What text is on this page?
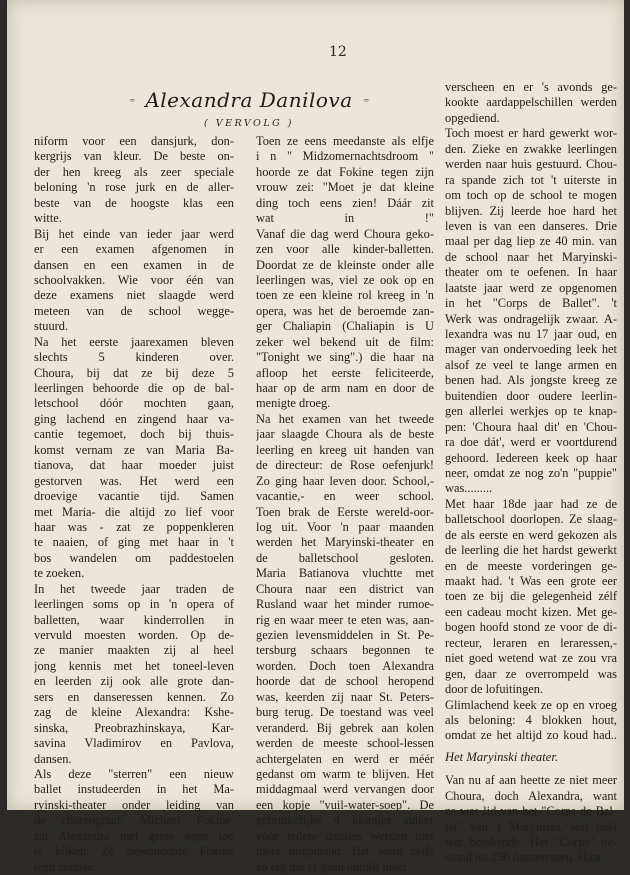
12
Alexandra Danilova
( VERVOLG )
niform voor een dansjurk, don-
kergrijs van kleur. De beste on-
der hen kreeg als zeer speciale
beloning 'n rose jurk en de aller-
beste van de hoogste klas een
witte.
Bij het einde van ieder jaar werd
er een examen afgenomen in
dansen en een examen in de
schoolvakken. Wie voor één van
deze examens niet slaagde werd
meteen van de school wegge-
stuurd.
Na het eerste jaarexamen bleven
slechts 5 kinderen over.
Choura, bij dat ze bij deze 5
leerlingen behoorde die op de bal-
letschool dóór mochten gaan,
ging lachend en zingend haar va-
cantie tegemoet, doch bij thuis-
komst vernam ze van Maria Ba-
tianova, dat haar moeder juist
gestorven was. Het werd een
droevige vacantie tijd. Samen
met Maria- die altijd zo lief voor
haar was - zat ze poppenkleren
te naaien, of ging met haar in 't
bos wandelen om paddestoelen
te zoeken.
In het tweede jaar traden de
leerlingen soms op in 'n opera of
balletten, waar kinderrollen in
vervuld moesten worden. Op de-
ze manier maakten zij al heel
jong kennis met het toneel-leven
en leerden zij ook alle grote dan-
sers en danseressen kennen. Zo
zag de kleine Alexandra: Kshe-
sinska, Preobrazhinskaya, Kar-
savina Vladimirov en Pavlova,
dansen.
Als deze "sterren" een nieuw
ballet instudeerden in het Ma-
ryinski-theater onder leiding van
de choreograaf: Michael Fokine,
zat Alexandra met grote ogen toe
te kijken. Ze bewonderde Fokine
tegn zeerste.
Toen ze eens meedanste als elfje
i n " Midzomernachtsdroom "
hoorde ze dat Fokine tegen zijn
vrouw zei: "Moet je dat kleine
ding toch eens zien! Dáár zit
wat in !"
Vanaf die dag werd Choura geko-
zen voor alle kinder-balletten.
Doordat ze de kleinste onder alle
leerlingen was, viel ze ook op en
toen ze een kleine rol kreeg in 'n
opera, was het de beroemde zan-
ger Chaliapin (Chaliapin is U
zeker wel bekend uit de film:
"Tonight we sing".) die haar na
afloop het eerste feliciteerde,
haar op de arm nam en door de
menigte droeg.
Na het examen van het tweede
jaar slaagde Choura als de beste
leerling en kreeg uit handen van
de directeur: de Rose oefenjurk!
Zo ging haar leven door. School,-
vacantie,- en weer school.
Toen brak de Eerste wereld-oor-
log uit. Voor 'n paar maanden
werden het Maryinski-theater en
de balletschool gesloten.
Maria Batianova vluchtte met
Choura naar een district van
Rusland waar het minder rumoe-
rig en waar meer te eten was, aan-
gezien levensmiddelen in St. Pe-
tersburg schaars begonnen te
worden. Doch toen Alexandra
hoorde dat de school heropend
was, keerden zij naar St. Peters-
burg terug. De toestand was veel
veranderd. Bij gebrek aan kolen
werden de meeste school-lessen
achtergelaten en werd er méér
gedanst om warm te blijven. Het
middagmaal werd vervangen door
een kopje "vuil-water-soep". De
gebruikelijke 4 klontjes suiker
vóór iedere dansles werden niet
meer uitgedeeld. Het werd zelfs
zo erg dat er geen ontbijt meer
verscheen en er 's avonds ge-
kookte aardappelschillen werden
opgediend.
Toch moest er hard gewerkt wor-
den. Zieke en zwakke leerlingen
werden naar huis gestuurd. Chou-
ra spande zich tot 't uiterste in
om toch op de school te mogen
blijven. Zij leerde hoe hard het
leven is van een danseres. Drie
maal per dag liep ze 40 min. van
de school naar het Maryinski-
theater om te oefenen. In haar
laatste jaar werd ze opgenomen
in het "Corps de Ballet". 't
Werk was ondragelijk zwaar. A-
lexandra was nu 17 jaar oud, en
mager van ondervoeding leek het
alsof ze veel te lange armen en
benen had. Als jongste kreeg ze
buitendien door oudere leerlin-
gen allerlei werkjes op te knap-
pen: 'Choura haal dit' en 'Chou-
ra doe dát', werd er voortdurend
gehoord. Iedereen keek op haar
neer, omdat ze nog zo'n "puppie"
was.........
Met haar 18de jaar had ze de
balletschool doorlopen. Ze slaag-
de als eerste en werd gekozen als
de leerling die het hardst gewerkt
en de meeste vorderingen ge-
maakt had. 't Was een grote eer
toen ze bij die gelegenheid zélf
een cadeau mocht kizen. Met ge-
bogen hoofd stond ze voor de di-
recteur, leraren en leraressen,-
niet goed wetend wat ze zou vra
gen, daar ze overrompeld was
door de lofuitingen.
Glimlachend keek ze op en vroeg
als beloning: 4 blokken hout,
omdat ze het altijd zo koud had..
Het Maryinski theater.
Van nu af aan heette ze niet meer
Choura, doch Alexandra, want
ze was lid van het "Corps de Bal-
let" van 't Maryinski, wat héél
wat betekende. Het "Corps" be-
stond uit 250 danseressen. Haar
